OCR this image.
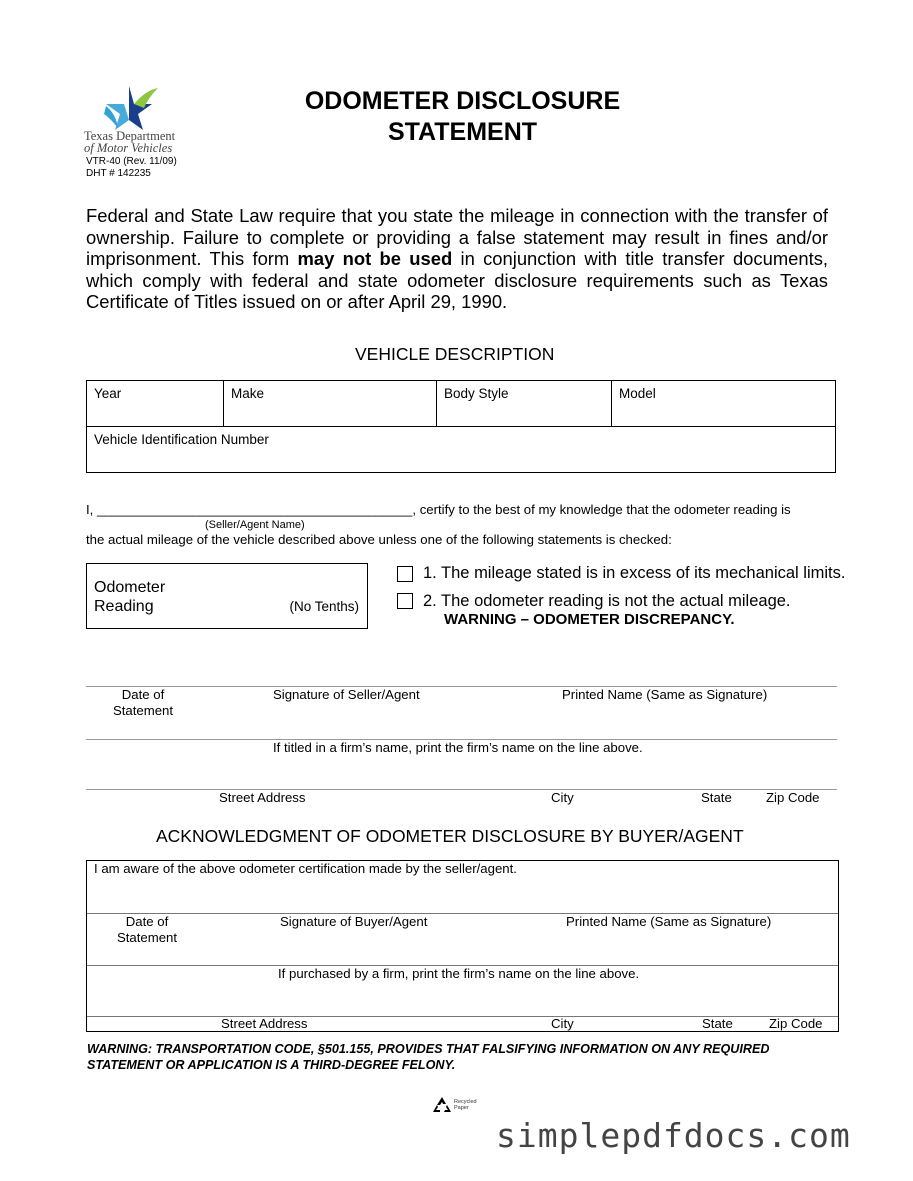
Texas Department
of Motor Vehicles
VTR-40 (Rev. 11/09)
DHT # 142235
ODOMETER DISCLOSURE
STATEMENT
Federal and State Law require that you state the mileage in connection with the transfer of ownership. Failure to complete or providing a false statement may result in fines and/or imprisonment. This form may not be used in conjunction with title transfer documents, which comply with federal and state odometer disclosure requirements such as Texas Certificate of Titles issued on or after April 29, 1990.
VEHICLE DESCRIPTION
Year	Make	Body Style	Model
Vehicle Identification Number
I, ___________________________________________, certify to the best of my knowledge that the odometer reading is
(Seller/Agent Name)
the actual mileage of the vehicle described above unless one of the following statements is checked:
Odometer
Reading	(No Tenths)
1. The mileage stated is in excess of its mechanical limits.
2. The odometer reading is not the actual mileage.
WARNING – ODOMETER DISCREPANCY.
Date of
Statement
Signature of Seller/Agent	Printed Name (Same as Signature)
If titled in a firm’s name, print the firm’s name on the line above.
Street Address	City	State	Zip Code
ACKNOWLEDGMENT OF ODOMETER DISCLOSURE BY BUYER/AGENT
I am aware of the above odometer certification made by the seller/agent.
Date of
Statement
Signature of Buyer/Agent	Printed Name (Same as Signature)
If purchased by a firm, print the firm’s name on the line above.
Street Address	City	State	Zip Code
WARNING: TRANSPORTATION CODE, §501.155, PROVIDES THAT FALSIFYING INFORMATION ON ANY REQUIRED STATEMENT OR APPLICATION IS A THIRD-DEGREE FELONY.
Recycled
Paper
simplepdfdocs.com
